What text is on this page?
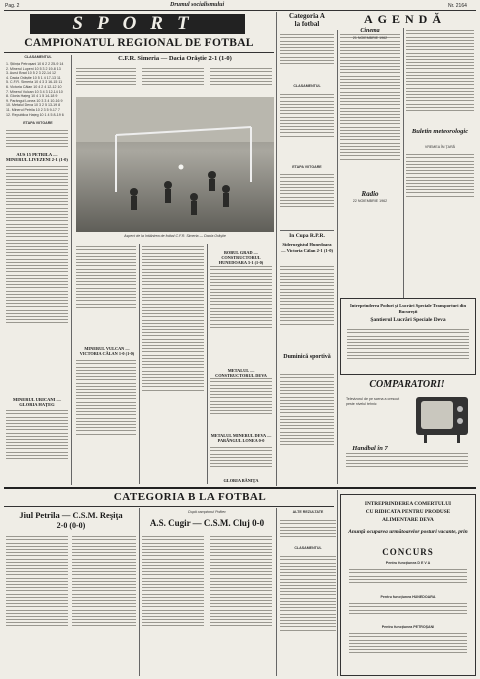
Pag. 2	Drumul socialismului	Nr. 2164
SPORT
CAMPIONATUL REGIONAL DE FOTBAL
CLASAMENTUL
1. Știința Petroșani 10 6 2 2 25-9 14
2. Minerul Lupeni 10 5 3 2 19-8 13
3. Aurul Brad 10 5 2 3 22-14 12
4. Dacia Orăștie 10 5 1 4 17-13 11
5. C.F.R. Simeria 10 4 3 3 16-15 11
6. Victoria Călan 10 4 2 4 12-12 10
7. Minerul Vulcan 10 3 4 3 12-14 10
8. Gloria Hațeg 10 4 1 5 14-18 9
9. Parângul Lonea 10 3 3 4 10-16 9
10. Metalul Deva 10 3 2 5 13-19 8
11. Minerul Petrila 10 2 3 5 9-17 7
12. Republica Hațeg 10 1 4 5 8-19 6
ETAPA VIITOARE
AUS 15 PETRILA — MINERUL LIVEZENI 2-1 (1-0)
MINERUL URICANI — GLORIA HAŢEG
C.F.R. Simeria — Dacia Orăştie 2-1 (1-0)
Aspect de la întâlnirea de fotbal C.F.R. Simeria — Dacia Orăştie
MINERUL VULCAN — VICTORIA CĂLAN 1-0 (1-0)
BOBUL GRAD — CONSTRUCTORUL HUNEDOARA 3-1 (1-0)
METALUL — CONSTRUCTORUL DEVA
METALUL MINERUL DEVA — PARÂNGUL LONEA 0-0
GLORIA BĂNIŢA
Categoria A
la fotbal
CLASAMENTUL
ETAPA VIITOARE
In Cupa R.P.R.
Siderurgistul Hunedoara — Victoria Călan 2-1 (1-0)
Duminică sportivă
Handbal în 7
AGENDĂ
Cinema
21 NOIEMBRIE 1962
Radio
22 NOIEMBRIE 1962
Buletin meteorologic
VREMEA ÎN ŢARĂ
Intreprinderea Poduri și Lucrări Speciale Transporturi din București
Şantierul Lucrări Speciale Deva
COMPARATORI!
Televizorul de pe scena a crescut peste nivelul tehnic
CATEGORIA B LA FOTBAL
Jiul Petrila — C.S.M. Reşiţa
2-0 (0-0)
După campionul Politec
A.S. Cugir — C.S.M. Cluj 0-0
ALTE REZULTATE
CLASAMENTUL
INTREPRINDEREA COMERTULUI
CU RIDICATA PENTRU PRODUSE
ALIMENTARE DEVA
Anunţă ocuparea următoarelor posturi vacante, prin
CONCURS
Pentru funcţiunea D E V A
Pentru funcţiunea HUNEDOARA
Pentru funcţiunea PETROŞANI
